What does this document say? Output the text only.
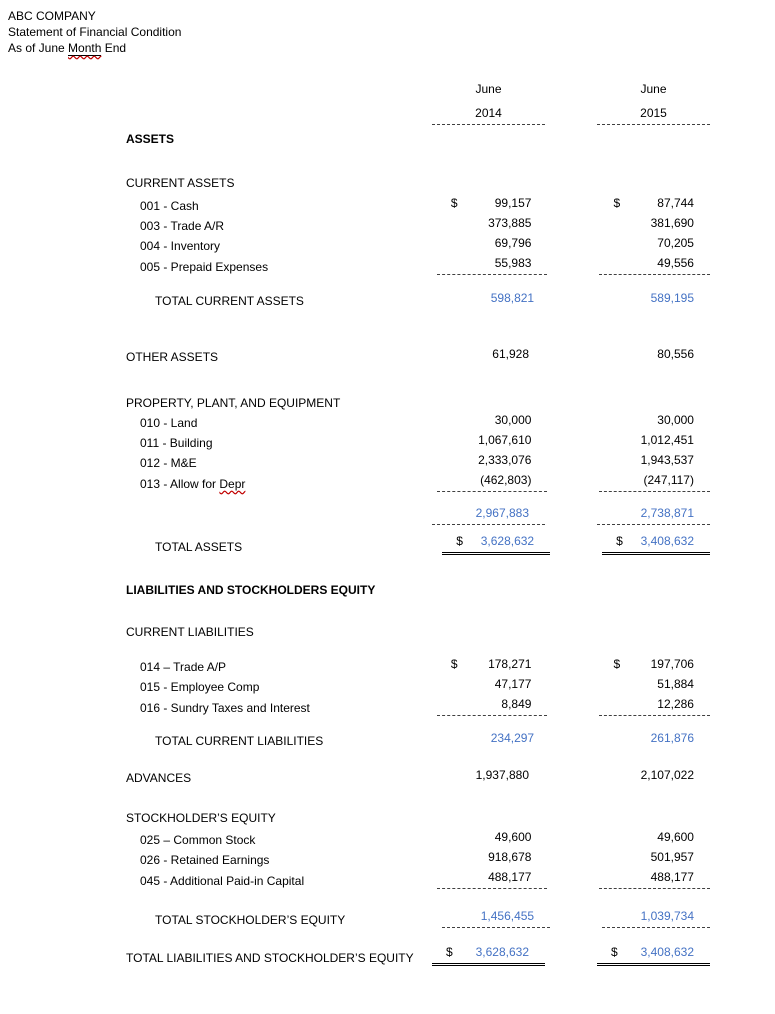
ABC COMPANY
Statement of Financial Condition
As of June Month End
June	June
2014	2015
ASSETS
CURRENT ASSETS
001 - Cash	$	99,157	$	87,744
003 - Trade A/R	373,885	381,690
004 - Inventory	69,796	70,205
005 - Prepaid Expenses	55,983	49,556
TOTAL CURRENT ASSETS	598,821	589,195
OTHER ASSETS	61,928	80,556
PROPERTY, PLANT, AND EQUIPMENT
010 - Land	30,000	30,000
011 - Building	1,067,610	1,012,451
012 - M&E	2,333,076	1,943,537
013 - Allow for Depr	(462,803)	(247,117)
2,967,883	2,738,871
TOTAL ASSETS	$ 3,628,632	$ 3,408,632
LIABILITIES AND STOCKHOLDERS EQUITY
CURRENT LIABILITIES
014 – Trade A/P	$	178,271	$	197,706
015 - Employee Comp	47,177	51,884
016 - Sundry Taxes and Interest	8,849	12,286
TOTAL CURRENT LIABILITIES	234,297	261,876
ADVANCES	1,937,880	2,107,022
STOCKHOLDER’S EQUITY
025 – Common Stock	49,600	49,600
026 - Retained Earnings	918,678	501,957
045 - Additional Paid-in Capital	488,177	488,177
TOTAL STOCKHOLDER’S EQUITY	1,456,455	1,039,734
TOTAL LIABILITIES AND STOCKHOLDER’S EQUITY	$ 3,628,632	$ 3,408,632
